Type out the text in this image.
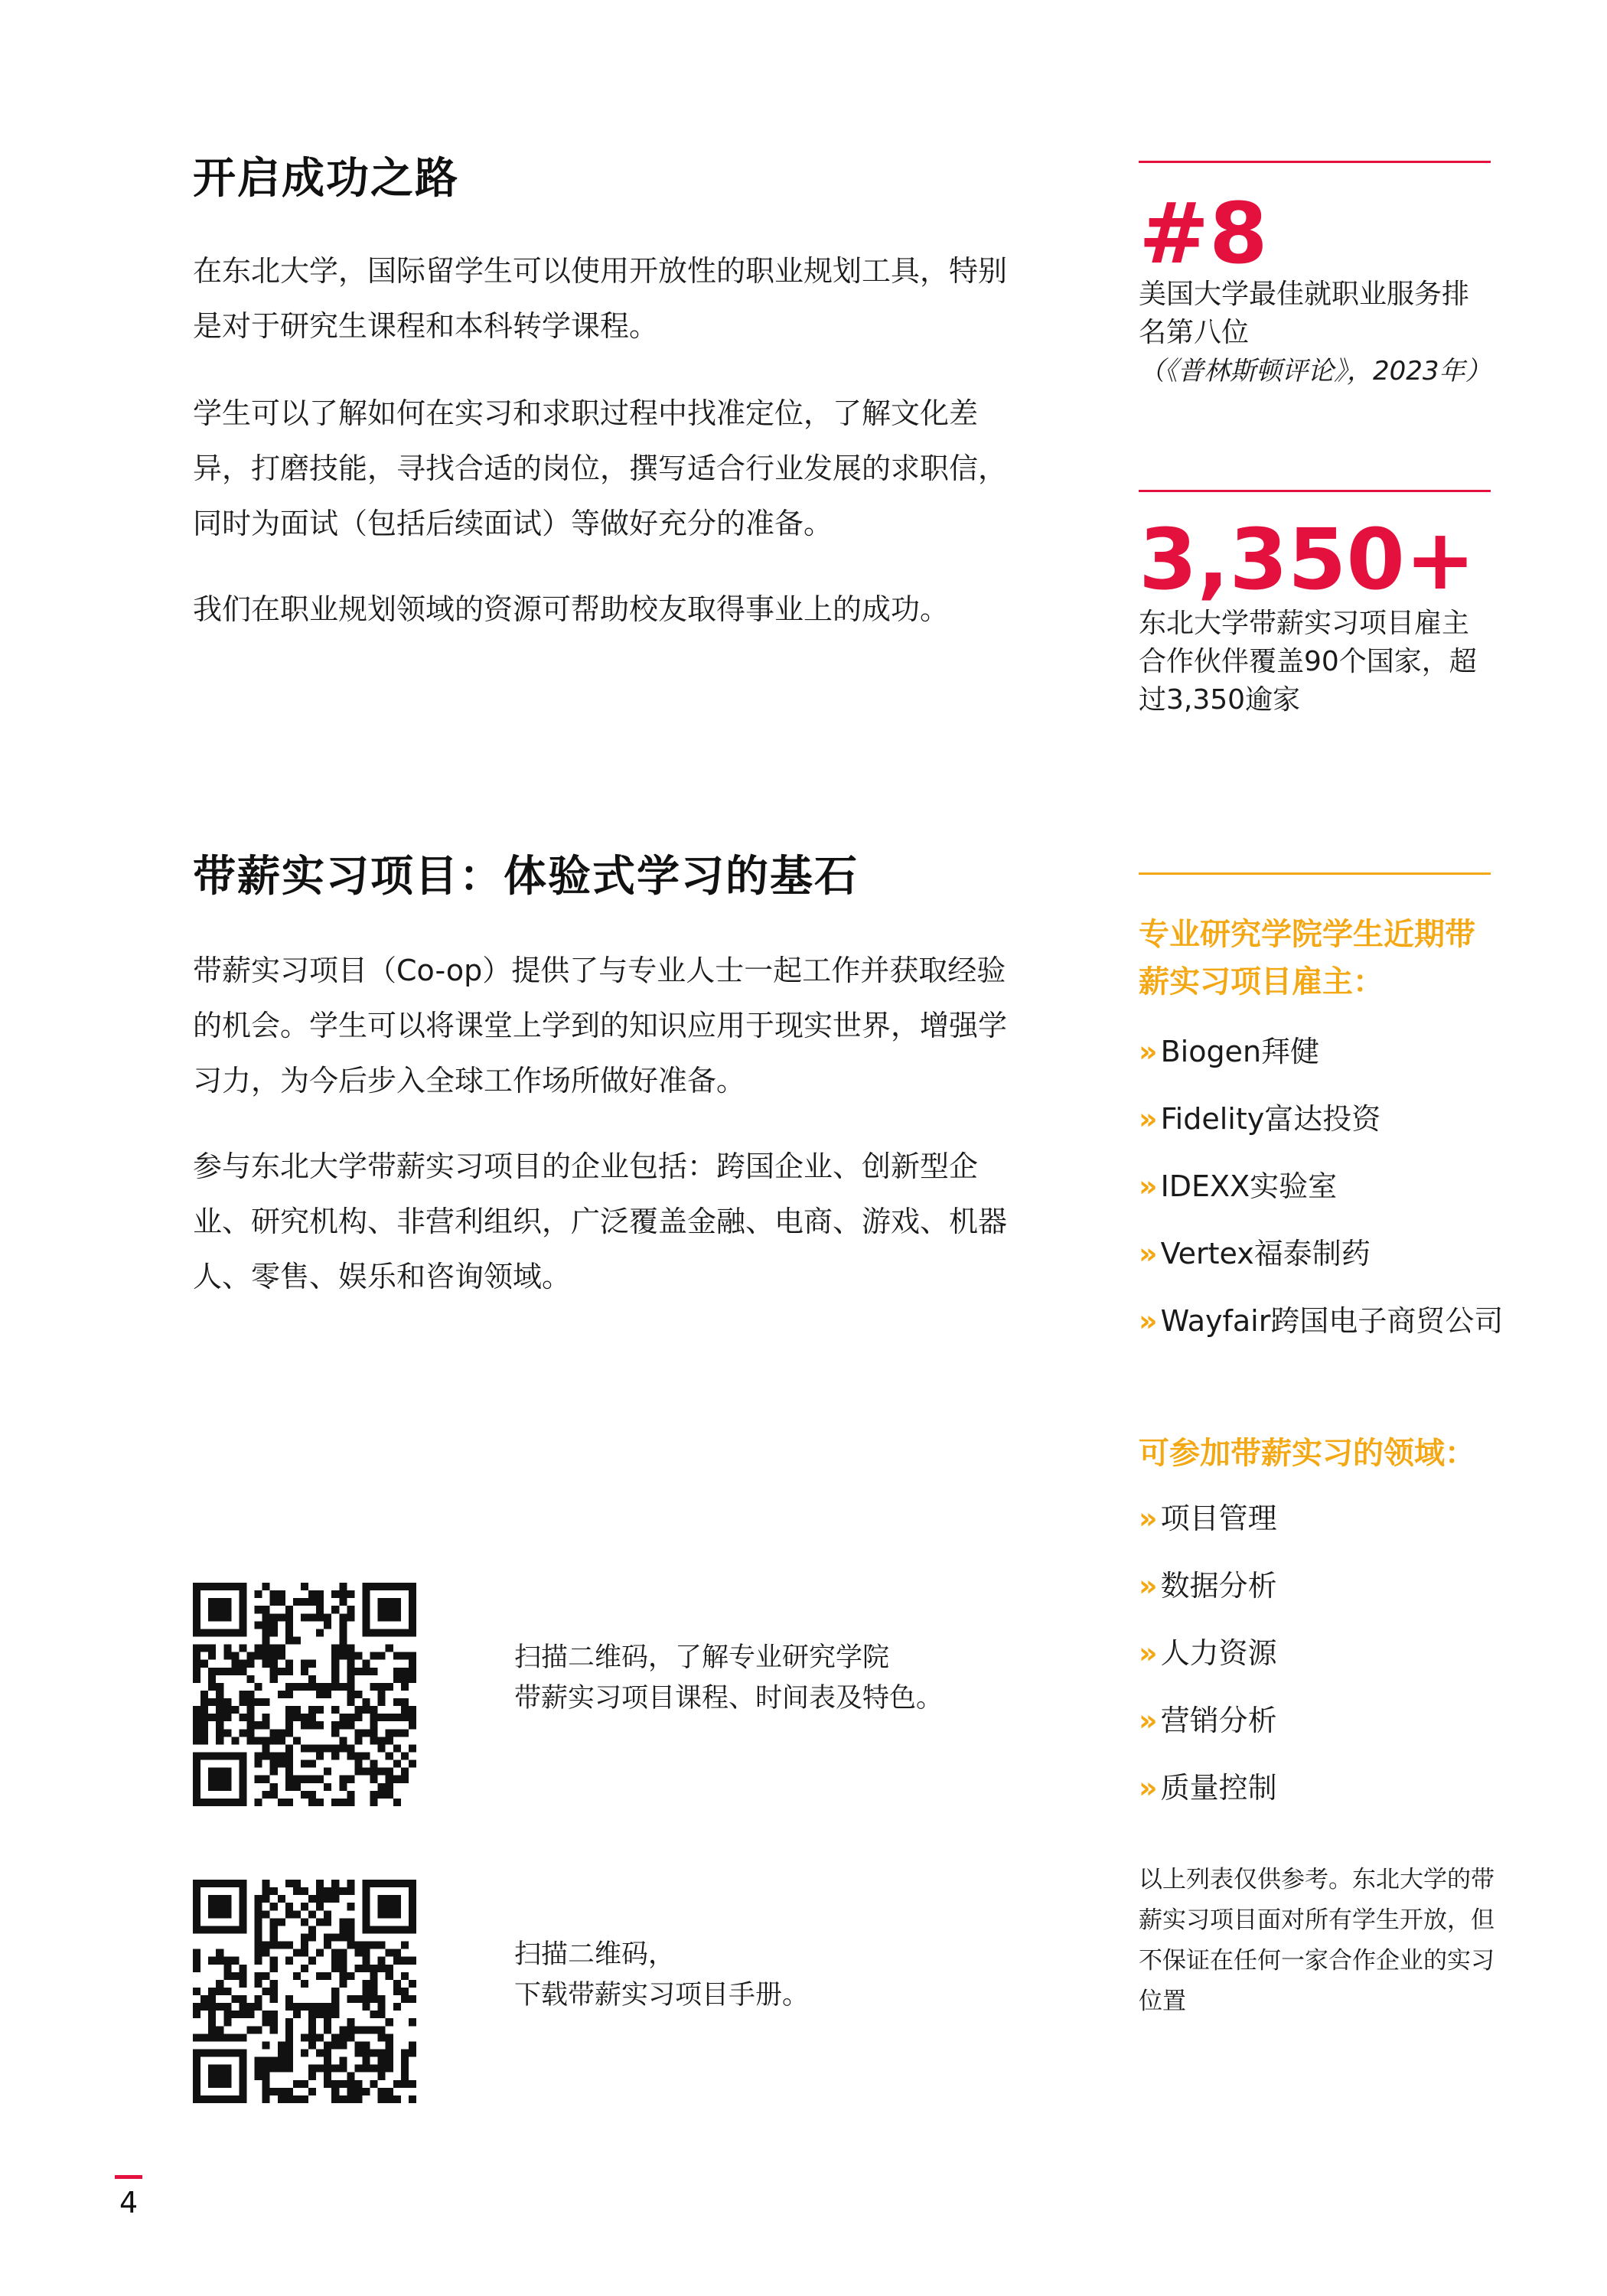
开启成功之路
在东北大学，国际留学生可以使用开放性的职业规划工具，特别是对于研究生课程和本科转学课程。
学生可以了解如何在实习和求职过程中找准定位，了解文化差异，打磨技能，寻找合适的岗位，撰写适合行业发展的求职信，同时为面试（包括后续面试）等做好充分的准备。
我们在职业规划领域的资源可帮助校友取得事业上的成功。
带薪实习项目：体验式学习的基石
带薪实习项目（Co-op）提供了与专业人士一起工作并获取经验的机会。学生可以将课堂上学到的知识应用于现实世界，增强学习力，为今后步入全球工作场所做好准备。
参与东北大学带薪实习项目的企业包括：跨国企业、创新型企业、研究机构、非营利组织，广泛覆盖金融、电商、游戏、机器人、零售、娱乐和咨询领域。
扫描二维码，了解专业研究学院
带薪实习项目课程、时间表及特色。
扫描二维码，
下载带薪实习项目手册。
#8
美国大学最佳就职业服务排名第八位
（《普林斯顿评论》，2023年）
3,350+
东北大学带薪实习项目雇主合作伙伴覆盖90个国家，超过3,350逾家
专业研究学院学生近期带薪实习项目雇主：
» Biogen拜健
» Fidelity富达投资
» IDEXX实验室
» Vertex福泰制药
» Wayfair跨国电子商贸公司
可参加带薪实习的领域：
» 项目管理
» 数据分析
» 人力资源
» 营销分析
» 质量控制
以上列表仅供参考。东北大学的带薪实习项目面对所有学生开放，但不保证在任何一家合作企业的实习位置
4
